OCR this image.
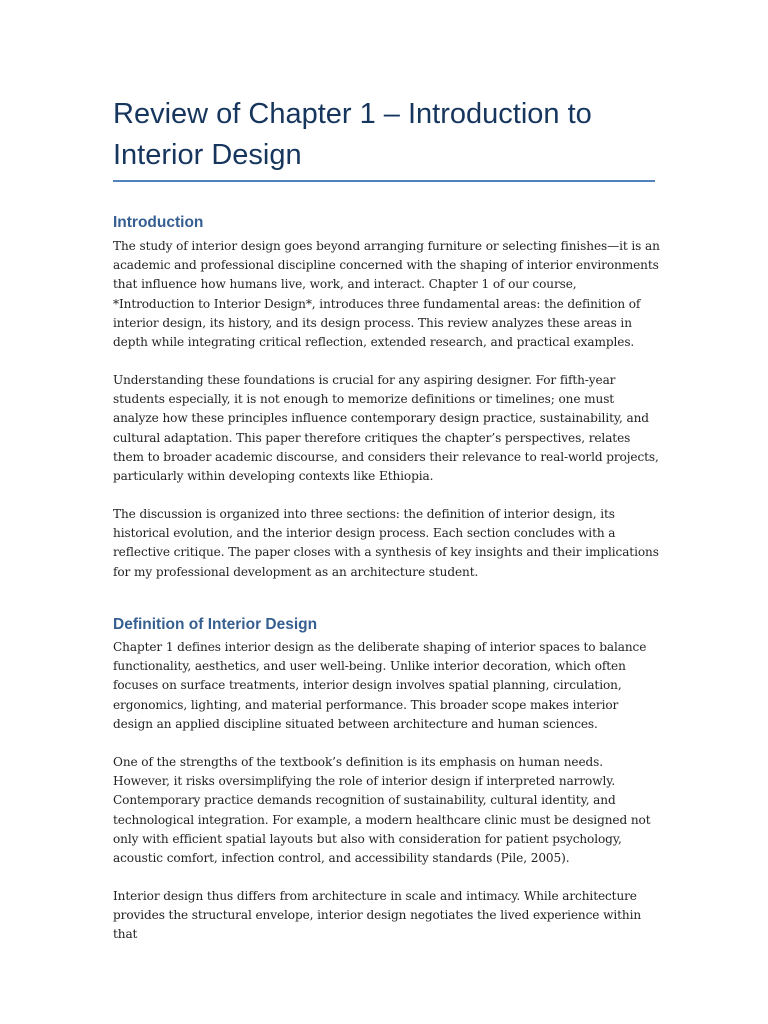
Review of Chapter 1 – Introduction to Interior Design
Introduction

The study of interior design goes beyond arranging furniture or selecting finishes—it is an academic and professional discipline concerned with the shaping of interior environments that influence how humans live, work, and interact. Chapter 1 of our course, *Introduction to Interior Design*, introduces three fundamental areas: the definition of interior design, its history, and its design process. This review analyzes these areas in depth while integrating critical reflection, extended research, and practical examples.

Understanding these foundations is crucial for any aspiring designer. For fifth-year students especially, it is not enough to memorize definitions or timelines; one must analyze how these principles influence contemporary design practice, sustainability, and cultural adaptation. This paper therefore critiques the chapter’s perspectives, relates them to broader academic discourse, and considers their relevance to real-world projects, particularly within developing contexts like Ethiopia.

The discussion is organized into three sections: the definition of interior design, its historical evolution, and the interior design process. Each section concludes with a reflective critique. The paper closes with a synthesis of key insights and their implications for my professional development as an architecture student.

Definition of Interior Design

Chapter 1 defines interior design as the deliberate shaping of interior spaces to balance functionality, aesthetics, and user well-being. Unlike interior decoration, which often focuses on surface treatments, interior design involves spatial planning, circulation, ergonomics, lighting, and material performance. This broader scope makes interior design an applied discipline situated between architecture and human sciences.

One of the strengths of the textbook’s definition is its emphasis on human needs. However, it risks oversimplifying the role of interior design if interpreted narrowly. Contemporary practice demands recognition of sustainability, cultural identity, and technological integration. For example, a modern healthcare clinic must be designed not only with efficient spatial layouts but also with consideration for patient psychology, acoustic comfort, infection control, and accessibility standards (Pile, 2005).

Interior design thus differs from architecture in scale and intimacy. While architecture provides the structural envelope, interior design negotiates the lived experience within that
